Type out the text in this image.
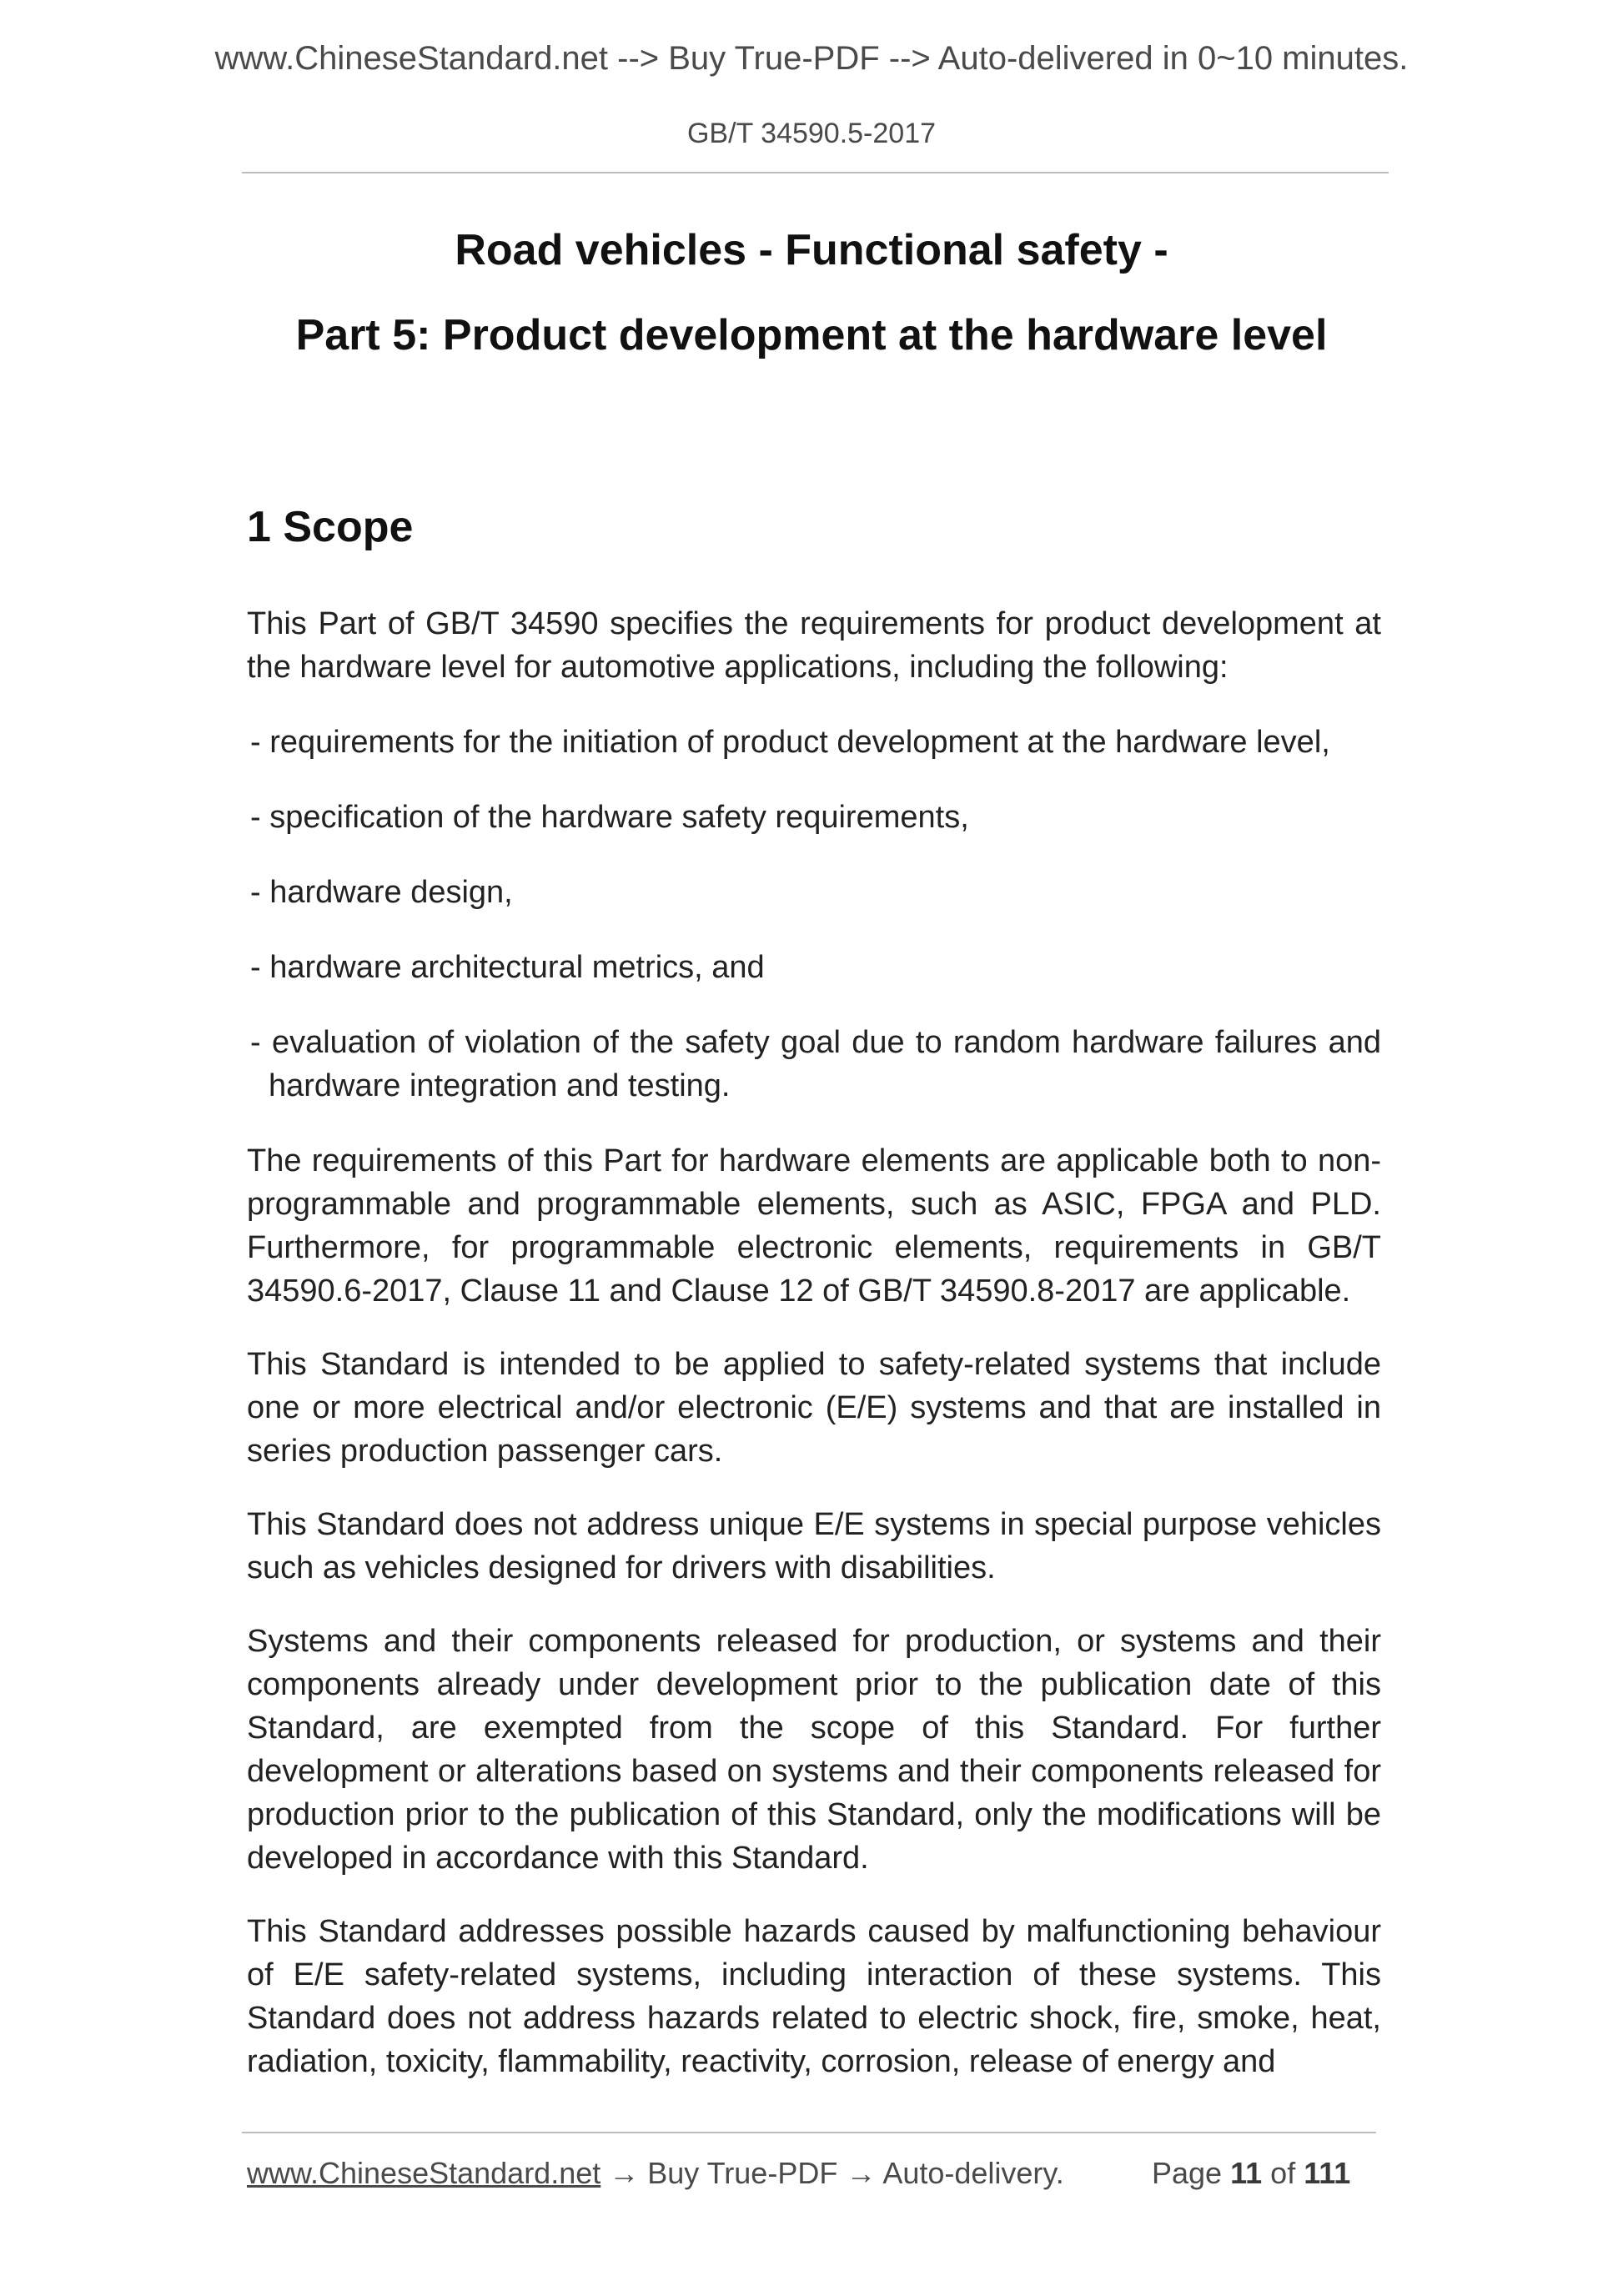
www.ChineseStandard.net --> Buy True-PDF --> Auto-delivered in 0~10 minutes.
GB/T 34590.5-2017
Road vehicles - Functional safety -
Part 5: Product development at the hardware level
1 Scope

This Part of GB/T 34590 specifies the requirements for product development at the hardware level for automotive applications, including the following:

- requirements for the initiation of product development at the hardware level,
- specification of the hardware safety requirements,
- hardware design,
- hardware architectural metrics, and
- evaluation of violation of the safety goal due to random hardware failures and hardware integration and testing.

The requirements of this Part for hardware elements are applicable both to non-programmable and programmable elements, such as ASIC, FPGA and PLD. Furthermore, for programmable electronic elements, requirements in GB/T 34590.6-2017, Clause 11 and Clause 12 of GB/T 34590.8-2017 are applicable.

This Standard is intended to be applied to safety-related systems that include one or more electrical and/or electronic (E/E) systems and that are installed in series production passenger cars.

This Standard does not address unique E/E systems in special purpose vehicles such as vehicles designed for drivers with disabilities.

Systems and their components released for production, or systems and their components already under development prior to the publication date of this Standard, are exempted from the scope of this Standard. For further development or alterations based on systems and their components released for production prior to the publication of this Standard, only the modifications will be developed in accordance with this Standard.

This Standard addresses possible hazards caused by malfunctioning behaviour of E/E safety-related systems, including interaction of these systems. This Standard does not address hazards related to electric shock, fire, smoke, heat, radiation, toxicity, flammability, reactivity, corrosion, release of energy and

www.ChineseStandard.net → Buy True-PDF → Auto-delivery.	Page 11 of 111
